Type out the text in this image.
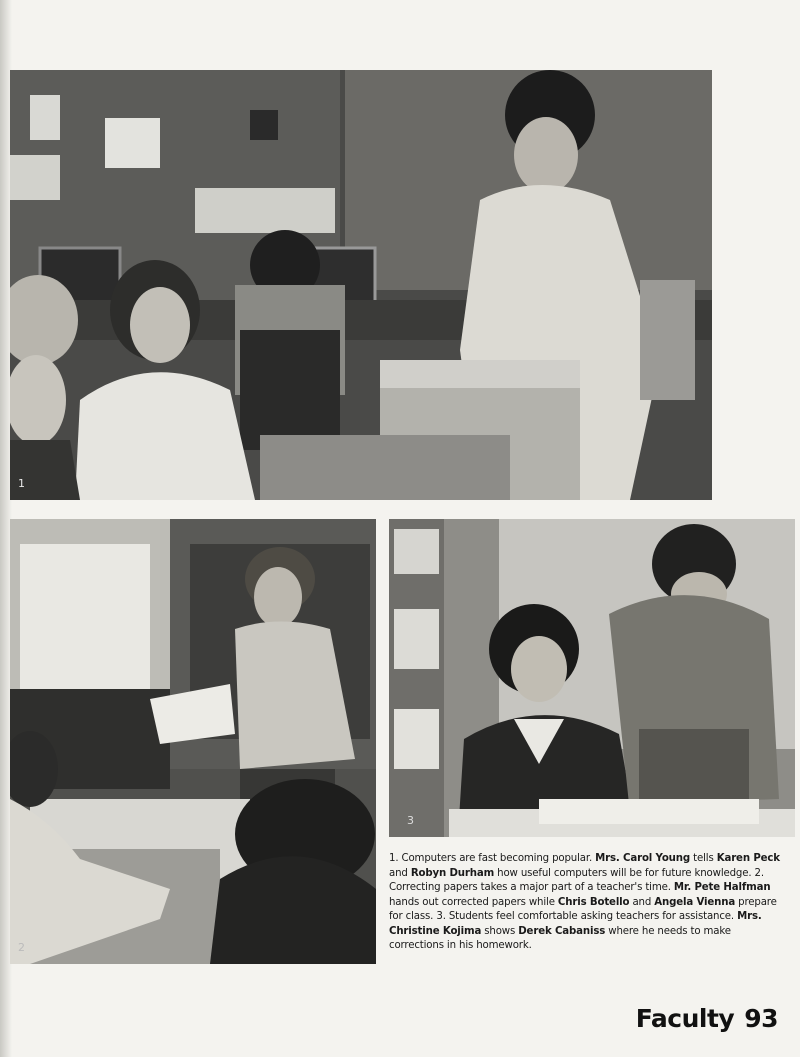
1
2
3
1. Computers are fast becoming popular. Mrs. Carol Young tells Karen Peck and Robyn Durham how useful computers will be for future knowledge. 2. Correcting papers takes a major part of a teacher's time. Mr. Pete Halfman hands out corrected papers while Chris Botello and Angela Vienna prepare for class. 3. Students feel comfortable asking teachers for assistance. Mrs. Christine Kojima shows Derek Cabaniss where he needs to make corrections in his homework.
Faculty 93
